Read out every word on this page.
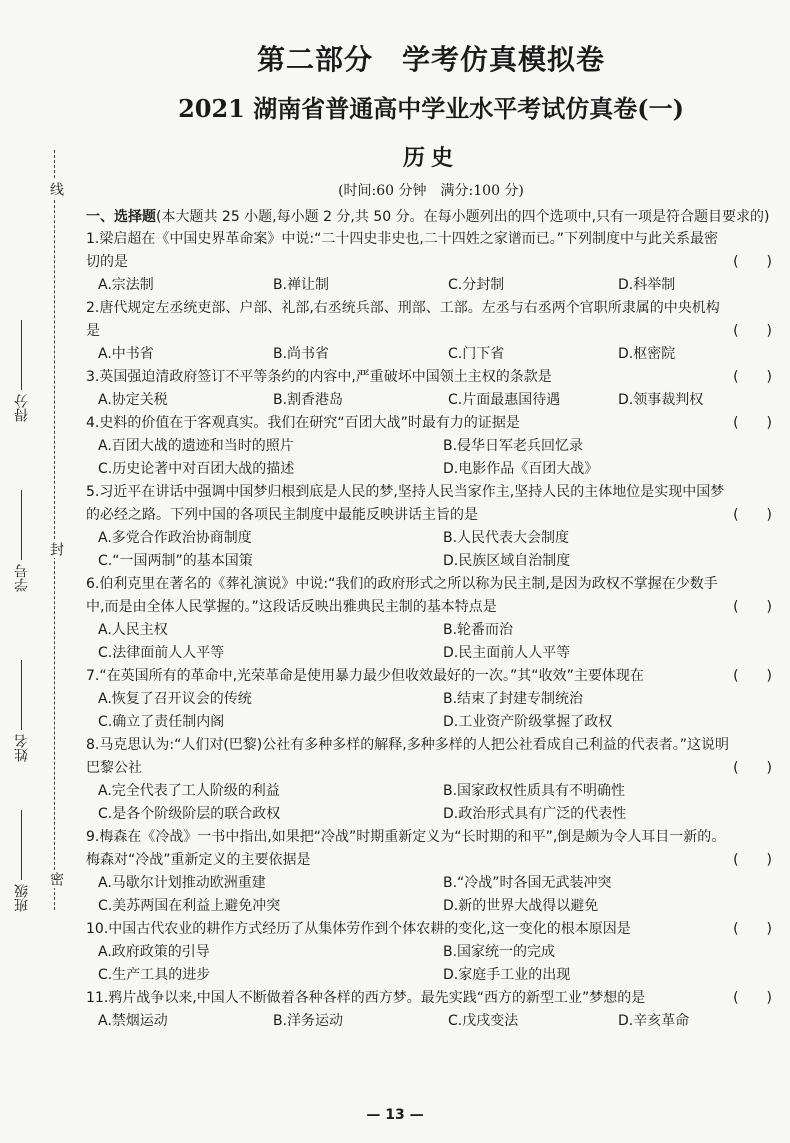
线
封
密
得分
学号
姓名
班级
第二部分　学考仿真模拟卷
2021 湖南省普通高中学业水平考试仿真卷(一)
历史
(时间:60 分钟　满分:100 分)
一、选择题(本大题共 25 小题,每小题 2 分,共 50 分。在每小题列出的四个选项中,只有一项是符合题目要求的)
1.梁启超在《中国史界革命案》中说:“二十四史非史也,二十四姓之家谱而已。”下列制度中与此关系最密切的是	(　　)
A.宗法制	B.禅让制	C.分封制	D.科举制
2.唐代规定左丞统吏部、户部、礼部,右丞统兵部、刑部、工部。左丞与右丞两个官职所隶属的中央机构是	(　　)
A.中书省	B.尚书省	C.门下省	D.枢密院
3.英国强迫清政府签订不平等条约的内容中,严重破坏中国领土主权的条款是	(　　)
A.协定关税	B.割香港岛	C.片面最惠国待遇	D.领事裁判权
4.史料的价值在于客观真实。我们在研究“百团大战”时最有力的证据是	(　　)
A.百团大战的遗迹和当时的照片	B.侵华日军老兵回忆录
C.历史论著中对百团大战的描述	D.电影作品《百团大战》
5.习近平在讲话中强调中国梦归根到底是人民的梦,坚持人民当家作主,坚持人民的主体地位是实现中国梦的必经之路。下列中国的各项民主制度中最能反映讲话主旨的是	(　　)
A.多党合作政治协商制度	B.人民代表大会制度
C.“一国两制”的基本国策	D.民族区域自治制度
6.伯利克里在著名的《葬礼演说》中说:“我们的政府形式之所以称为民主制,是因为政权不掌握在少数手中,而是由全体人民掌握的。”这段话反映出雅典民主制的基本特点是	(　　)
A.人民主权	B.轮番而治
C.法律面前人人平等	D.民主面前人人平等
7.“在英国所有的革命中,光荣革命是使用暴力最少但收效最好的一次。”其“收效”主要体现在	(　　)
A.恢复了召开议会的传统	B.结束了封建专制统治
C.确立了责任制内阁	D.工业资产阶级掌握了政权
8.马克思认为:“人们对(巴黎)公社有多种多样的解释,多种多样的人把公社看成自己利益的代表者。”这说明巴黎公社	(　　)
A.完全代表了工人阶级的利益	B.国家政权性质具有不明确性
C.是各个阶级阶层的联合政权	D.政治形式具有广泛的代表性
9.梅森在《冷战》一书中指出,如果把“冷战”时期重新定义为“长时期的和平”,倒是颇为令人耳目一新的。梅森对“冷战”重新定义的主要依据是	(　　)
A.马歇尔计划推动欧洲重建	B.“冷战”时各国无武装冲突
C.美苏两国在利益上避免冲突	D.新的世界大战得以避免
10.中国古代农业的耕作方式经历了从集体劳作到个体农耕的变化,这一变化的根本原因是	(　　)
A.政府政策的引导	B.国家统一的完成
C.生产工具的进步	D.家庭手工业的出现
11.鸦片战争以来,中国人不断做着各种各样的西方梦。最先实践“西方的新型工业”梦想的是	(　　)
A.禁烟运动	B.洋务运动	C.戊戌变法	D.辛亥革命
— 13 —
